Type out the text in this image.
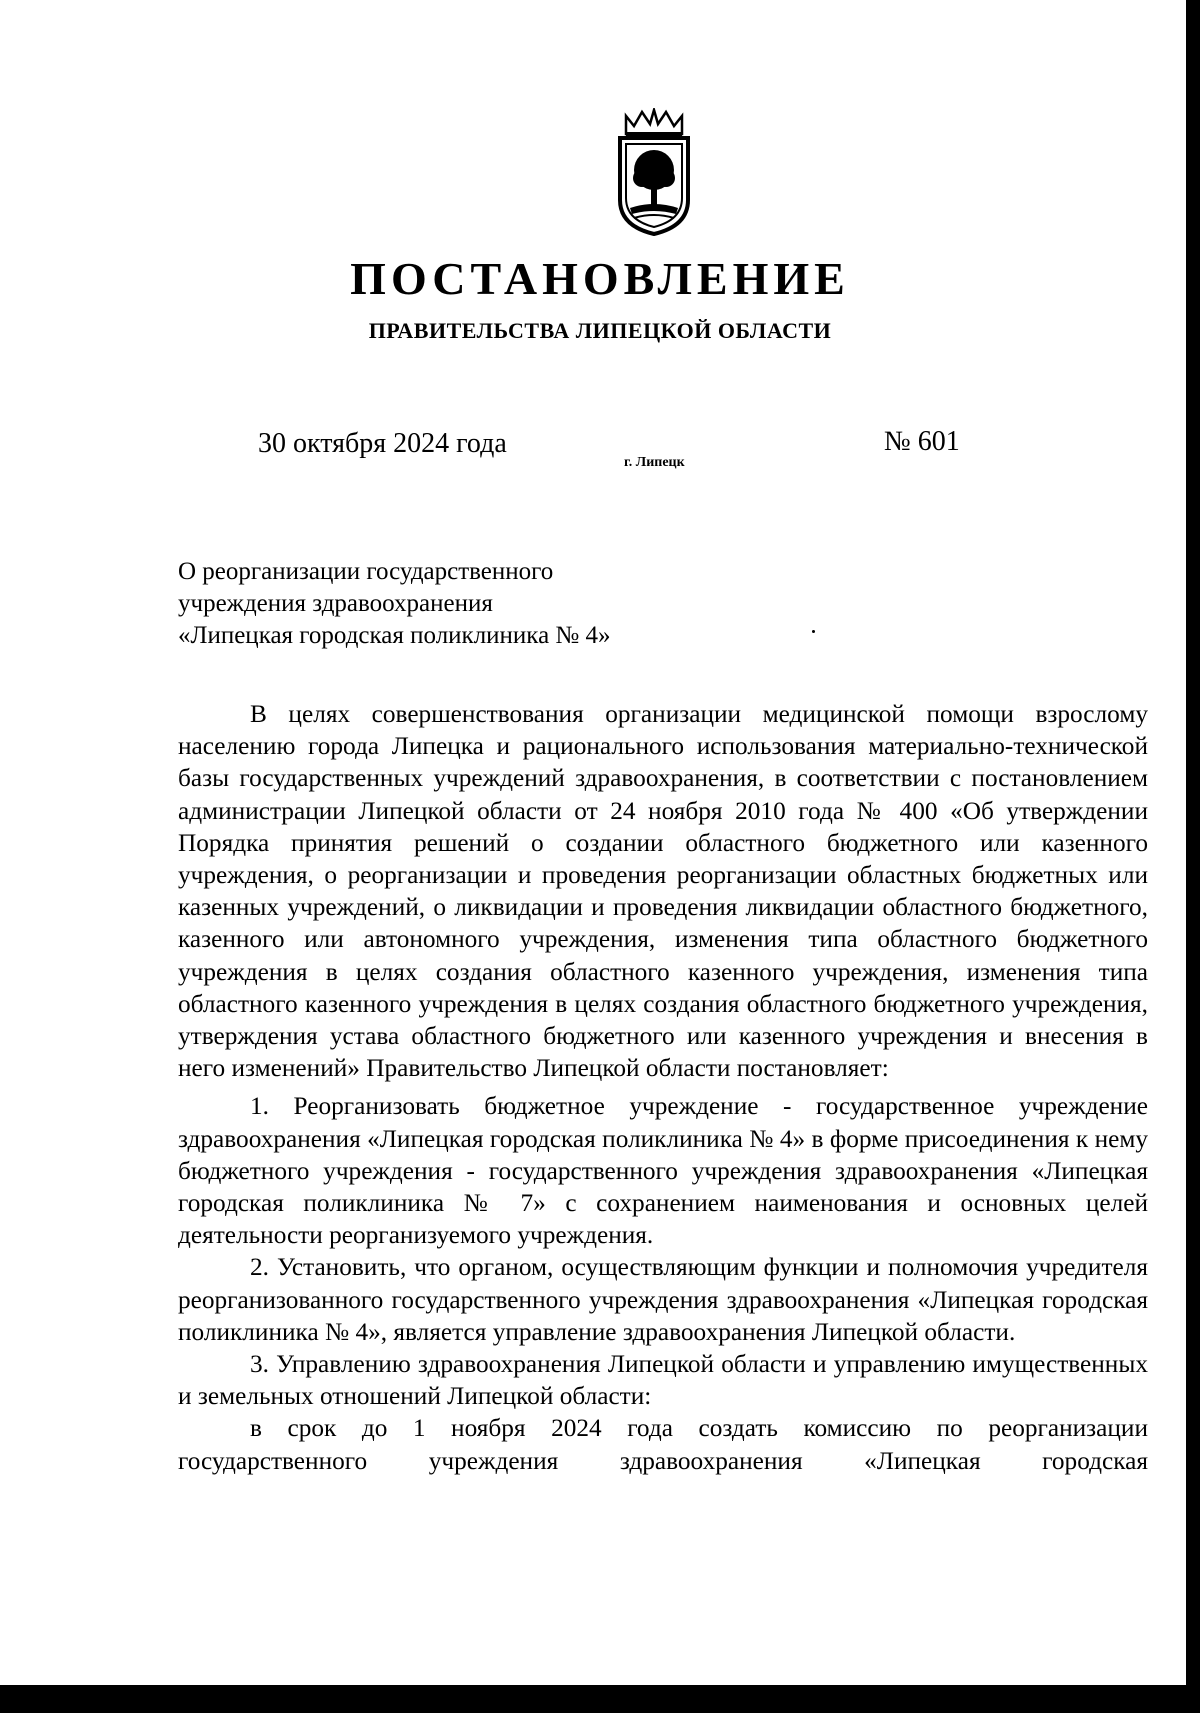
ПОСТАНОВЛЕНИЕ
ПРАВИТЕЛЬСТВА ЛИПЕЦКОЙ ОБЛАСТИ
30 октября 2024 года
г. Липецк
№ 601
О реорганизации государственного
учреждения здравоохранения
«Липецкая городская поликлиника № 4»

В целях совершенствования организации медицинской помощи взрослому населению города Липецка и рационального использования материально-технической базы государственных учреждений здравоохранения, в соответствии с постановлением администрации Липецкой области от 24 ноября 2010 года № 400 «Об утверждении Порядка принятия решений о создании областного бюджетного или казенного учреждения, о реорганизации и проведения реорганизации областных бюджетных или казенных учреждений, о ликвидации и проведения ликвидации областного бюджетного, казенного или автономного учреждения, изменения типа областного бюджетного учреждения в целях создания областного казенного учреждения, изменения типа областного казенного учреждения в целях создания областного бюджетного учреждения, утверждения устава областного бюджетного или казенного учреждения и внесения в него изменений» Правительство Липецкой области постановляет:

1. Реорганизовать бюджетное учреждение - государственное учреждение здравоохранения «Липецкая городская поликлиника № 4» в форме присоединения к нему бюджетного учреждения - государственного учреждения здравоохранения «Липецкая городская поликлиника № 7» с сохранением наименования и основных целей деятельности реорганизуемого учреждения.

2. Установить, что органом, осуществляющим функции и полномочия учредителя реорганизованного государственного учреждения здравоохранения «Липецкая городская поликлиника № 4», является управление здравоохранения Липецкой области.

3. Управлению здравоохранения Липецкой области и управлению имущественных и земельных отношений Липецкой области:

в срок до 1 ноября 2024 года создать комиссию по реорганизации государственного учреждения здравоохранения «Липецкая городская
